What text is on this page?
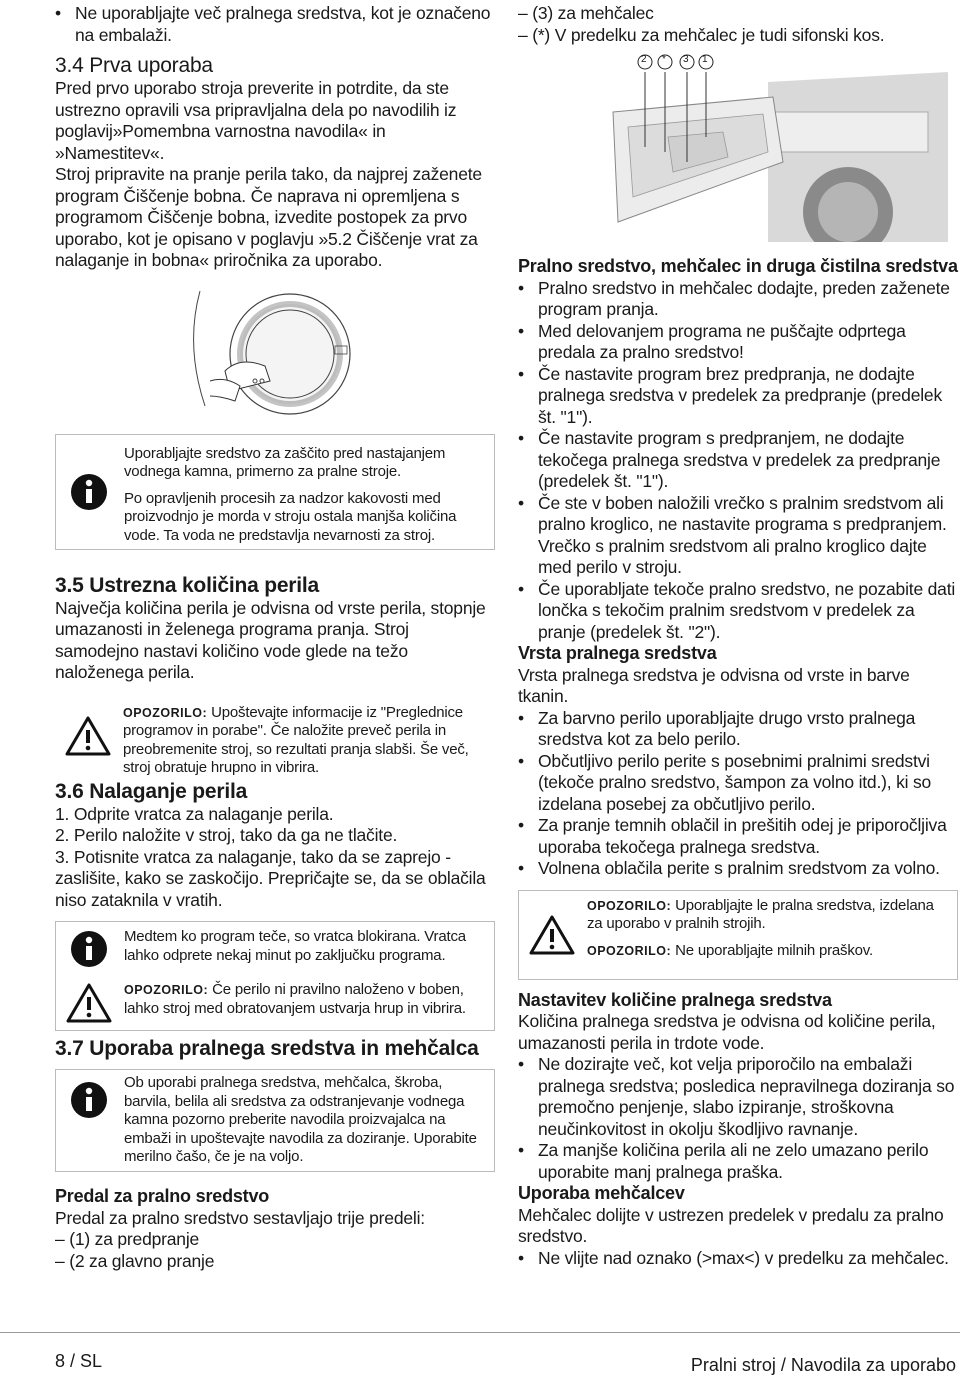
• Ne uporabljajte več pralnega sredstva, kot je označeno na embalaži.
3.4 Prva uporaba

Pred prvo uporabo stroja preverite in potrdite, da ste ustrezno opravili vsa pripravljalna dela po navodilih iz poglavij»Pomembna varnostna navodila« in »Namestitev«.

Stroj pripravite na pranje perila tako, da najprej zaženete program Čiščenje bobna. Če naprava ni opremljena s programom Čiščenje bobna, izvedite postopek za prvo uporabo, kot je opisano v poglavju »5.2 Čiščenje vrat za nalaganje in bobna« priročnika za uporabo.

Uporabljajte sredstvo za zaščito pred nastajanjem vodnega kamna, primerno za pralne stroje.

Po opravljenih procesih za nadzor kakovosti med proizvodnjo je morda v stroju ostala manjša količina vode. Ta voda ne predstavlja nevarnosti za stroj.

3.5 Ustrezna količina perila

Največja količina perila je odvisna od vrste perila, stopnje umazanosti in želenega programa pranja. Stroj samodejno nastavi količino vode glede na težo naloženega perila.

OPOZORILO: Upoštevajte informacije iz "Preglednice programov in porabe". Če naložite preveč perila in preobremenite stroj, so rezultati pranja slabši. Še več, stroj obratuje hrupno in vibrira.
3.6 Nalaganje perila
1. Odprite vratca za nalaganje perila.
2. Perilo naložite v stroj, tako da ga ne tlačite.
3. Potisnite vratca za nalaganje, tako da se zaprejo - zaslišite, kako se zaskočijo. Prepričajte se, da se oblačila niso zataknila v vratih.

Medtem ko program teče, so vratca blokirana. Vratca lahko odprete nekaj minut po zaključku programa.

OPOZORILO: Če perilo ni pravilno naloženo v boben, lahko stroj med obratovanjem ustvarja hrup in vibrira.

3.7 Uporaba pralnega sredstva in mehčalca

Ob uporabi pralnega sredstva, mehčalca, škroba, barvila, belila ali sredstva za odstranjevanje vodnega kamna pozorno preberite navodila proizvajalca na embaži in upoštevajte navodila za doziranje. Uporabite merilno čašo, če je na voljo.

Predal za pralno sredstvo

Predal za pralno sredstvo sestavljajo trije predeli:

– (1) za predpranje

– (2 za glavno pranje

– (3) za mehčalec

– (*) V predelku za mehčalec je tudi sifonski kos.

2 * 3 1
Pralno sredstvo, mehčalec in druga čistilna sredstva
• Pralno sredstvo in mehčalec dodajte, preden zaženete program pranja.
• Med delovanjem programa ne puščajte odprtega predala za pralno sredstvo!
• Če nastavite program brez predpranja, ne dodajte pralnega sredstva v predelek za predpranje (predelek št. "1").
• Če nastavite program s predpranjem, ne dodajte tekočega pralnega sredstva v predelek za predpranje (predelek št. "1").
• Če ste v boben naložili vrečko s pralnim sredstvom ali pralno kroglico, ne nastavite programa s predpranjem. Vrečko s pralnim sredstvom ali pralno kroglico dajte med perilo v stroju.
• Če uporabljate tekoče pralno sredstvo, ne pozabite dati lončka s tekočim pralnim sredstvom v predelek za pranje (predelek št. "2").
Vrsta pralnega sredstva

Vrsta pralnega sredstva je odvisna od vrste in barve tkanin.

• Za barvno perilo uporabljajte drugo vrsto pralnega sredstva kot za belo perilo.
• Občutljivo perilo perite s posebnimi pralnimi sredstvi (tekoče pralno sredstvo, šampon za volno itd.), ki so izdelana posebej za občutljivo perilo.
• Za pranje temnih oblačil in prešitih odej je priporočljiva uporaba tekočega pralnega sredstva.
• Volnena oblačila perite s pralnim sredstvom za volno.

OPOZORILO: Uporabljajte le pralna sredstva, izdelana za uporabo v pralnih strojih.

OPOZORILO: Ne uporabljajte milnih praškov.

Nastavitev količine pralnega sredstva

Količina pralnega sredstva je odvisna od količine perila, umazanosti perila in trdote vode.

• Ne dozirajte več, kot velja priporočilo na embalaži pralnega sredstva; posledica nepravilnega doziranja so premočno penjenje, slabo izpiranje, stroškovna neučinkovitost in okolju škodljivo ravnanje.
• Za manjše količina perila ali ne zelo umazano perilo uporabite manj pralnega praška.
Uporaba mehčalcev

Mehčalec dolijte v ustrezen predelek v predalu za pralno sredstvo.

• Ne vlijte nad oznako (>max<) v predelku za mehčalec.
8 / SL	Pralni stroj / Navodila za uporabo
